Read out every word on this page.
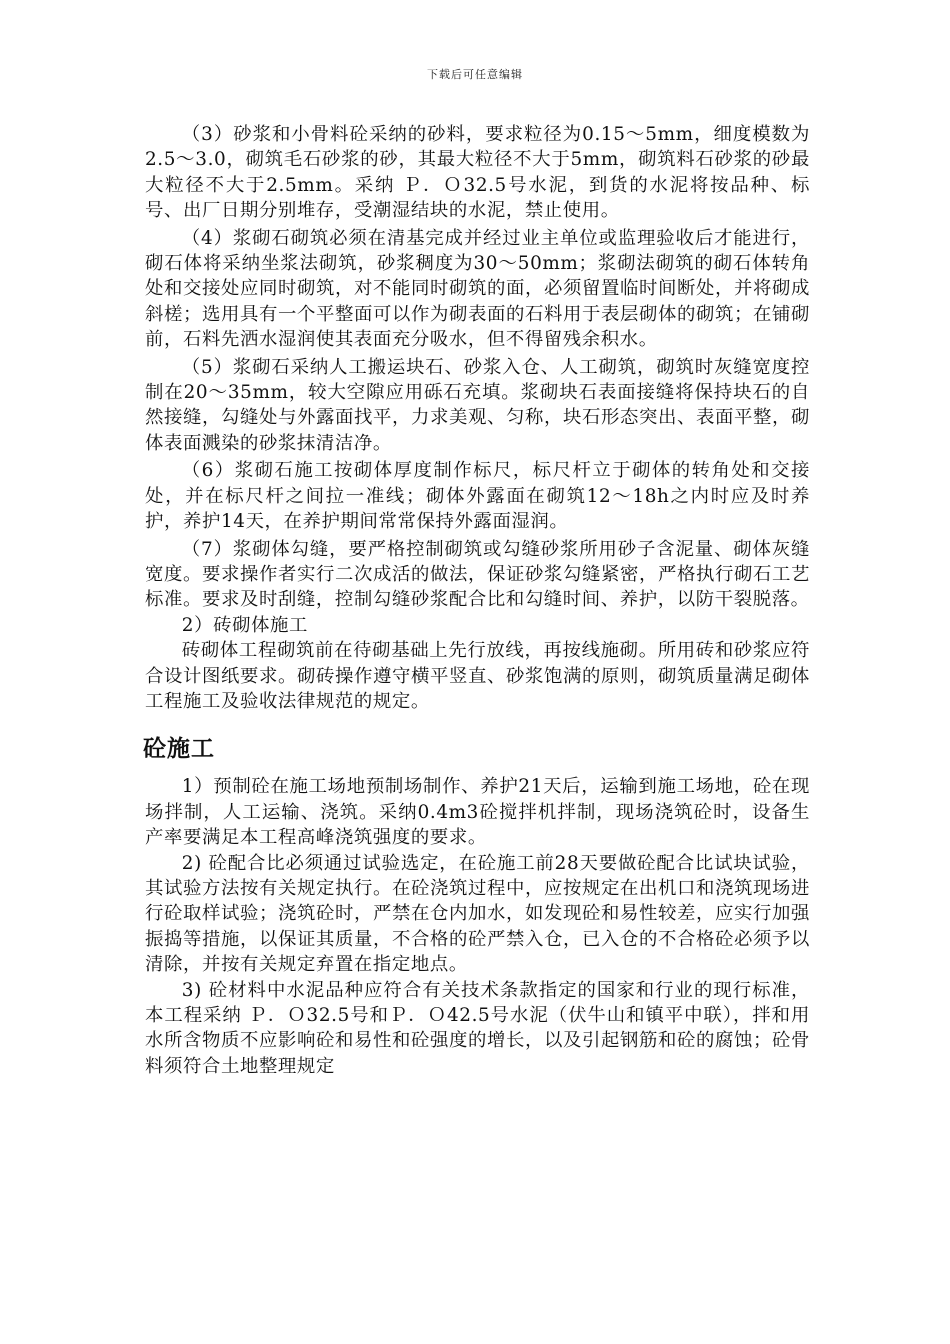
下载后可任意编辑

（3）砂浆和小骨料砼采纳的砂料，要求粒径为0.15～5mm，细度模数为2.5～3.0，砌筑毛石砂浆的砂，其最大粒径不大于5mm，砌筑料石砂浆的砂最大粒径不大于2.5mm。采纳 Ｐ．Ｏ32.5号水泥，到货的水泥将按品种、标号、出厂日期分别堆存，受潮湿结块的水泥，禁止使用。

（4）浆砌石砌筑必须在清基完成并经过业主单位或监理验收后才能进行，砌石体将采纳坐浆法砌筑，砂浆稠度为30～50mm；浆砌法砌筑的砌石体转角处和交接处应同时砌筑，对不能同时砌筑的面，必须留置临时间断处，并将砌成斜槎；选用具有一个平整面可以作为砌表面的石料用于表层砌体的砌筑；在铺砌前，石料先洒水湿润使其表面充分吸水，但不得留残余积水。

（5）浆砌石采纳人工搬运块石、砂浆入仓、人工砌筑，砌筑时灰缝宽度控制在20～35mm，较大空隙应用砾石充填。浆砌块石表面接缝将保持块石的自然接缝，勾缝处与外露面找平，力求美观、匀称，块石形态突出、表面平整，砌体表面溅染的砂浆抹清洁净。

（6）浆砌石施工按砌体厚度制作标尺，标尺杆立于砌体的转角处和交接处，并在标尺杆之间拉一准线；砌体外露面在砌筑12～18h之内时应及时养护，养护14天，在养护期间常常保持外露面湿润。

（7）浆砌体勾缝，要严格控制砌筑或勾缝砂浆所用砂子含泥量、砌体灰缝宽度。要求操作者实行二次成活的做法，保证砂浆勾缝紧密，严格执行砌石工艺标准。要求及时刮缝，控制勾缝砂浆配合比和勾缝时间、养护，以防干裂脱落。

2）砖砌体施工

砖砌体工程砌筑前在待砌基础上先行放线，再按线施砌。所用砖和砂浆应符合设计图纸要求。砌砖操作遵守横平竖直、砂浆饱满的原则，砌筑质量满足砌体工程施工及验收法律规范的规定。

砼施工

1）预制砼在施工场地预制场制作、养护21天后，运输到施工场地，砼在现场拌制，人工运输、浇筑。采纳0.4m3砼搅拌机拌制，现场浇筑砼时，设备生产率要满足本工程高峰浇筑强度的要求。

2) 砼配合比必须通过试验选定，在砼施工前28天要做砼配合比试块试验，其试验方法按有关规定执行。在砼浇筑过程中，应按规定在出机口和浇筑现场进行砼取样试验；浇筑砼时，严禁在仓内加水，如发现砼和易性较差，应实行加强振捣等措施，以保证其质量，不合格的砼严禁入仓，已入仓的不合格砼必须予以清除，并按有关规定弃置在指定地点。

3) 砼材料中水泥品种应符合有关技术条款指定的国家和行业的现行标准，本工程采纳 Ｐ．Ｏ32.5号和Ｐ．Ｏ42.5号水泥（伏牛山和镇平中联），拌和用水所含物质不应影响砼和易性和砼强度的增长，以及引起钢筋和砼的腐蚀；砼骨料须符合土地整理规定
